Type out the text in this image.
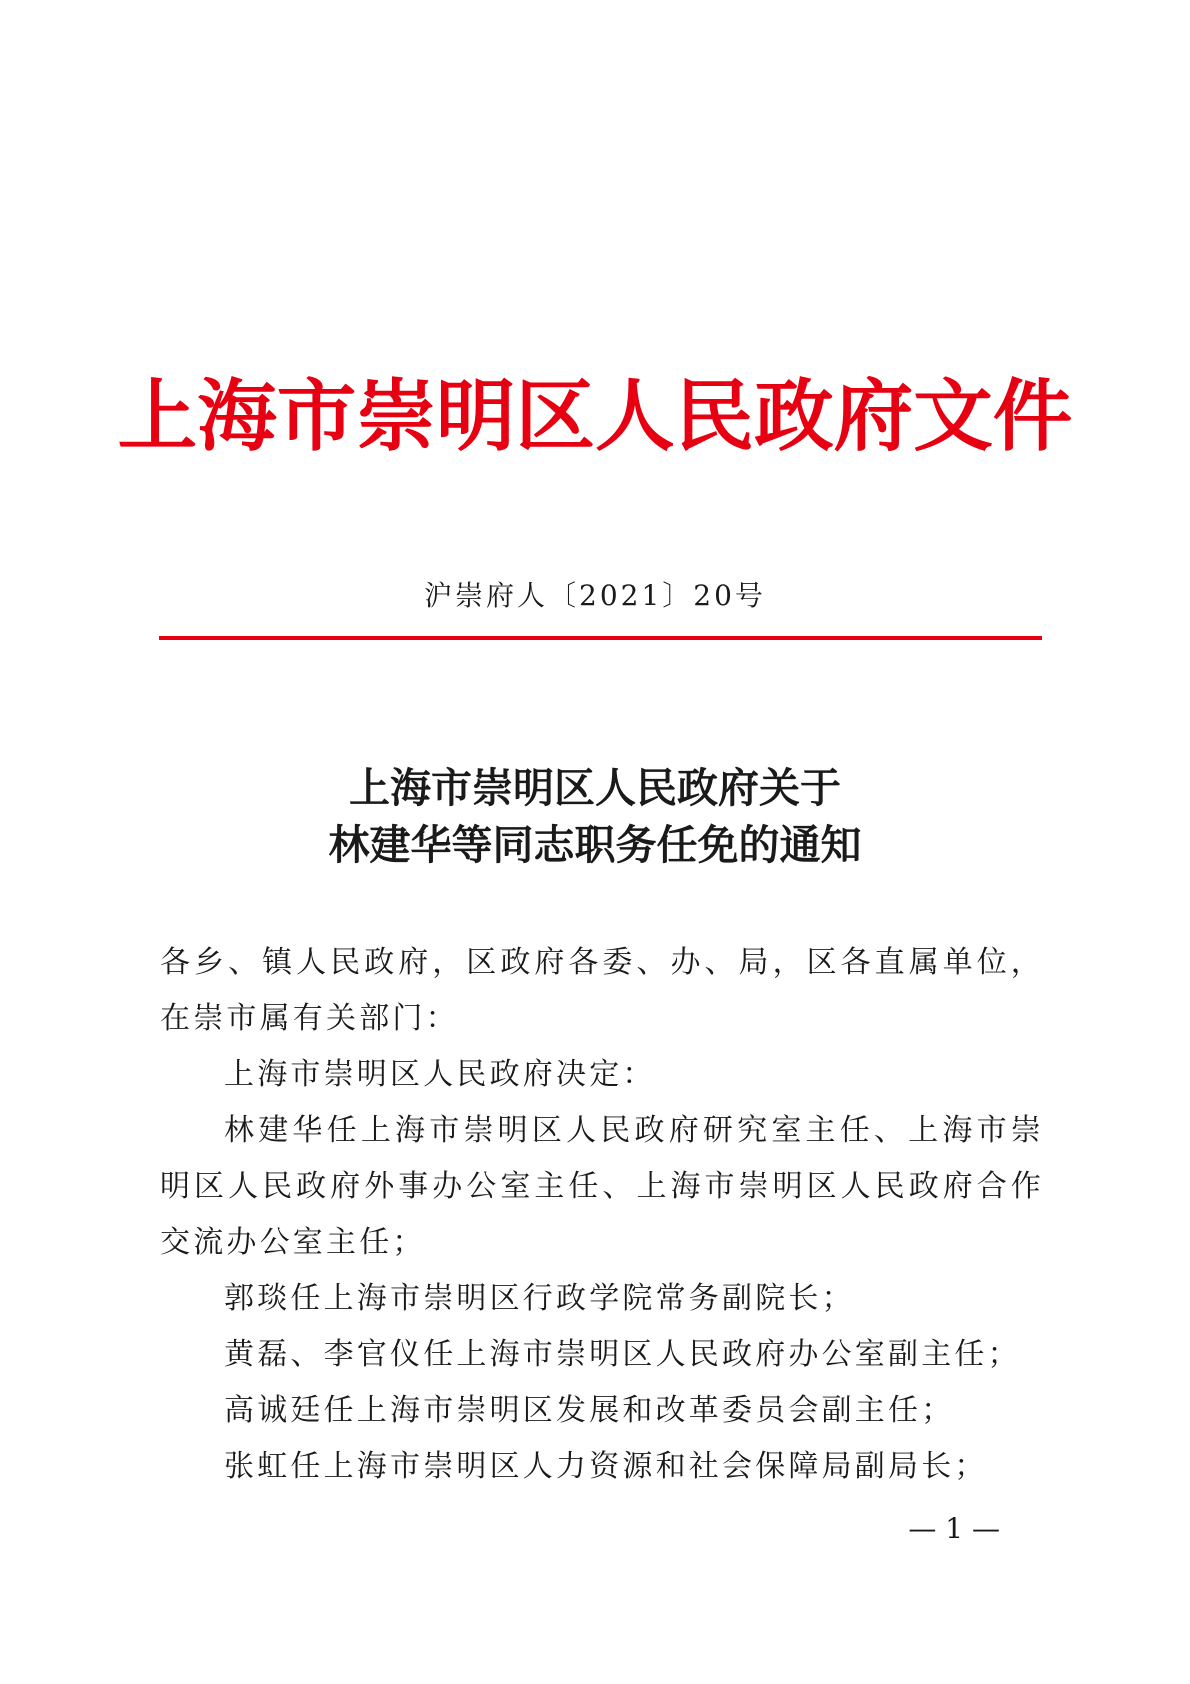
上海市崇明区人民政府文件
沪崇府人〔2021〕20号
上海市崇明区人民政府关于
林建华等同志职务任免的通知

各乡、镇人民政府，区政府各委、办、局，区各直属单位，在崇市属有关部门：

上海市崇明区人民政府决定：

林建华任上海市崇明区人民政府研究室主任、上海市崇明区人民政府外事办公室主任、上海市崇明区人民政府合作交流办公室主任；

郭琰任上海市崇明区行政学院常务副院长；

黄磊、李官仪任上海市崇明区人民政府办公室副主任；

高诚廷任上海市崇明区发展和改革委员会副主任；

张虹任上海市崇明区人力资源和社会保障局副局长；

— 1 —
